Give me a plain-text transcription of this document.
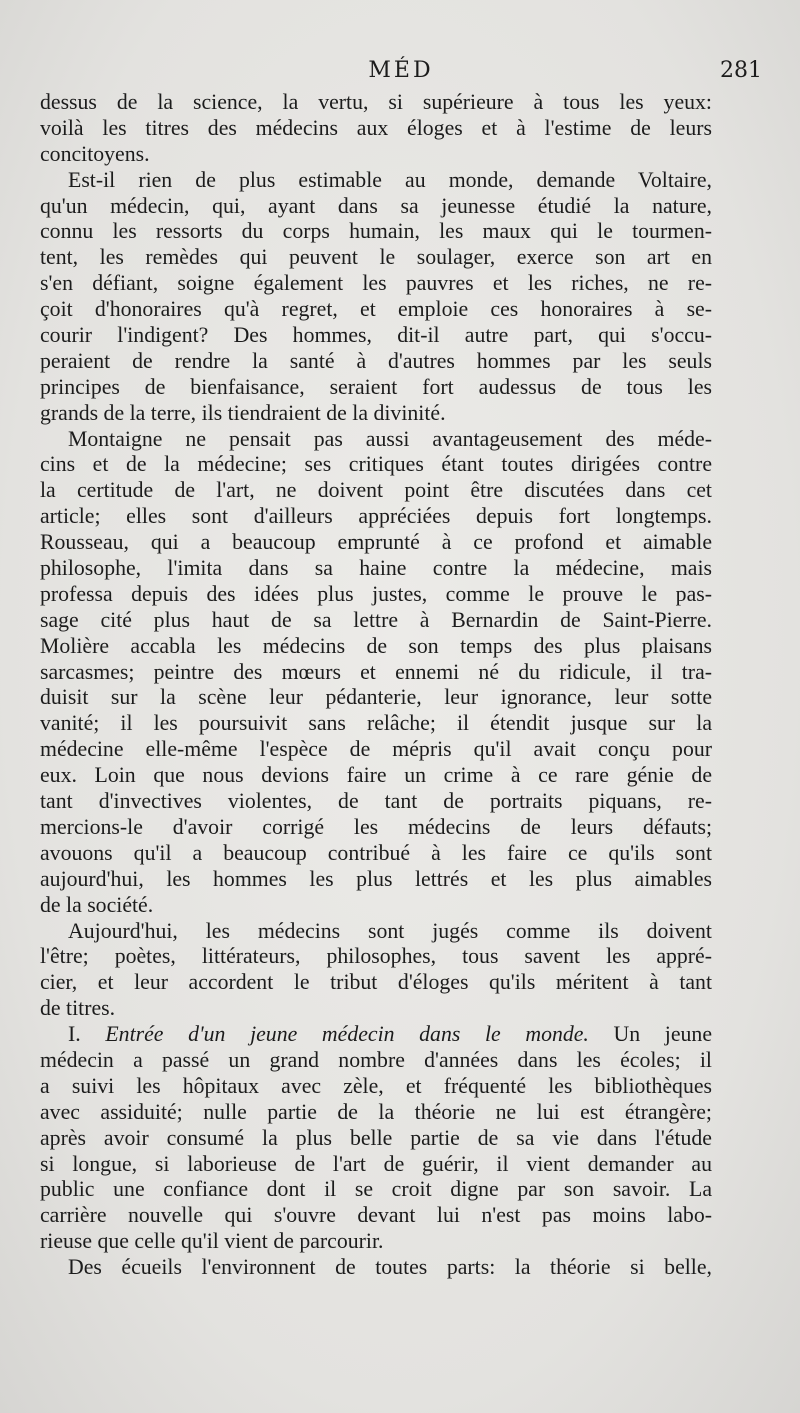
MÉD	281
dessus de la science, la vertu, si supérieure à tous les yeux:
voilà les titres des médecins aux éloges et à l'estime de leurs
concitoyens.
Est-il rien de plus estimable au monde, demande Voltaire,
qu'un médecin, qui, ayant dans sa jeunesse étudié la nature,
connu les ressorts du corps humain, les maux qui le tourmen-
tent, les remèdes qui peuvent le soulager, exerce son art en
s'en défiant, soigne également les pauvres et les riches, ne re-
çoit d'honoraires qu'à regret, et emploie ces honoraires à se-
courir l'indigent? Des hommes, dit-il autre part, qui s'occu-
peraient de rendre la santé à d'autres hommes par les seuls
principes de bienfaisance, seraient fort audessus de tous les
grands de la terre, ils tiendraient de la divinité.
Montaigne ne pensait pas aussi avantageusement des méde-
cins et de la médecine; ses critiques étant toutes dirigées contre
la certitude de l'art, ne doivent point être discutées dans cet
article; elles sont d'ailleurs appréciées depuis fort longtemps.
Rousseau, qui a beaucoup emprunté à ce profond et aimable
philosophe, l'imita dans sa haine contre la médecine, mais
professa depuis des idées plus justes, comme le prouve le pas-
sage cité plus haut de sa lettre à Bernardin de Saint-Pierre.
Molière accabla les médecins de son temps des plus plaisans
sarcasmes; peintre des mœurs et ennemi né du ridicule, il tra-
duisit sur la scène leur pédanterie, leur ignorance, leur sotte
vanité; il les poursuivit sans relâche; il étendit jusque sur la
médecine elle-même l'espèce de mépris qu'il avait conçu pour
eux. Loin que nous devions faire un crime à ce rare génie de
tant d'invectives violentes, de tant de portraits piquans, re-
mercions-le d'avoir corrigé les médecins de leurs défauts;
avouons qu'il a beaucoup contribué à les faire ce qu'ils sont
aujourd'hui, les hommes les plus lettrés et les plus aimables
de la société.
Aujourd'hui, les médecins sont jugés comme ils doivent
l'être; poètes, littérateurs, philosophes, tous savent les appré-
cier, et leur accordent le tribut d'éloges qu'ils méritent à tant
de titres.
I. Entrée d'un jeune médecin dans le monde. Un jeune
médecin a passé un grand nombre d'années dans les écoles; il
a suivi les hôpitaux avec zèle, et fréquenté les bibliothèques
avec assiduité; nulle partie de la théorie ne lui est étrangère;
après avoir consumé la plus belle partie de sa vie dans l'étude
si longue, si laborieuse de l'art de guérir, il vient demander au
public une confiance dont il se croit digne par son savoir. La
carrière nouvelle qui s'ouvre devant lui n'est pas moins labo-
rieuse que celle qu'il vient de parcourir.
Des écueils l'environnent de toutes parts: la théorie si belle,
